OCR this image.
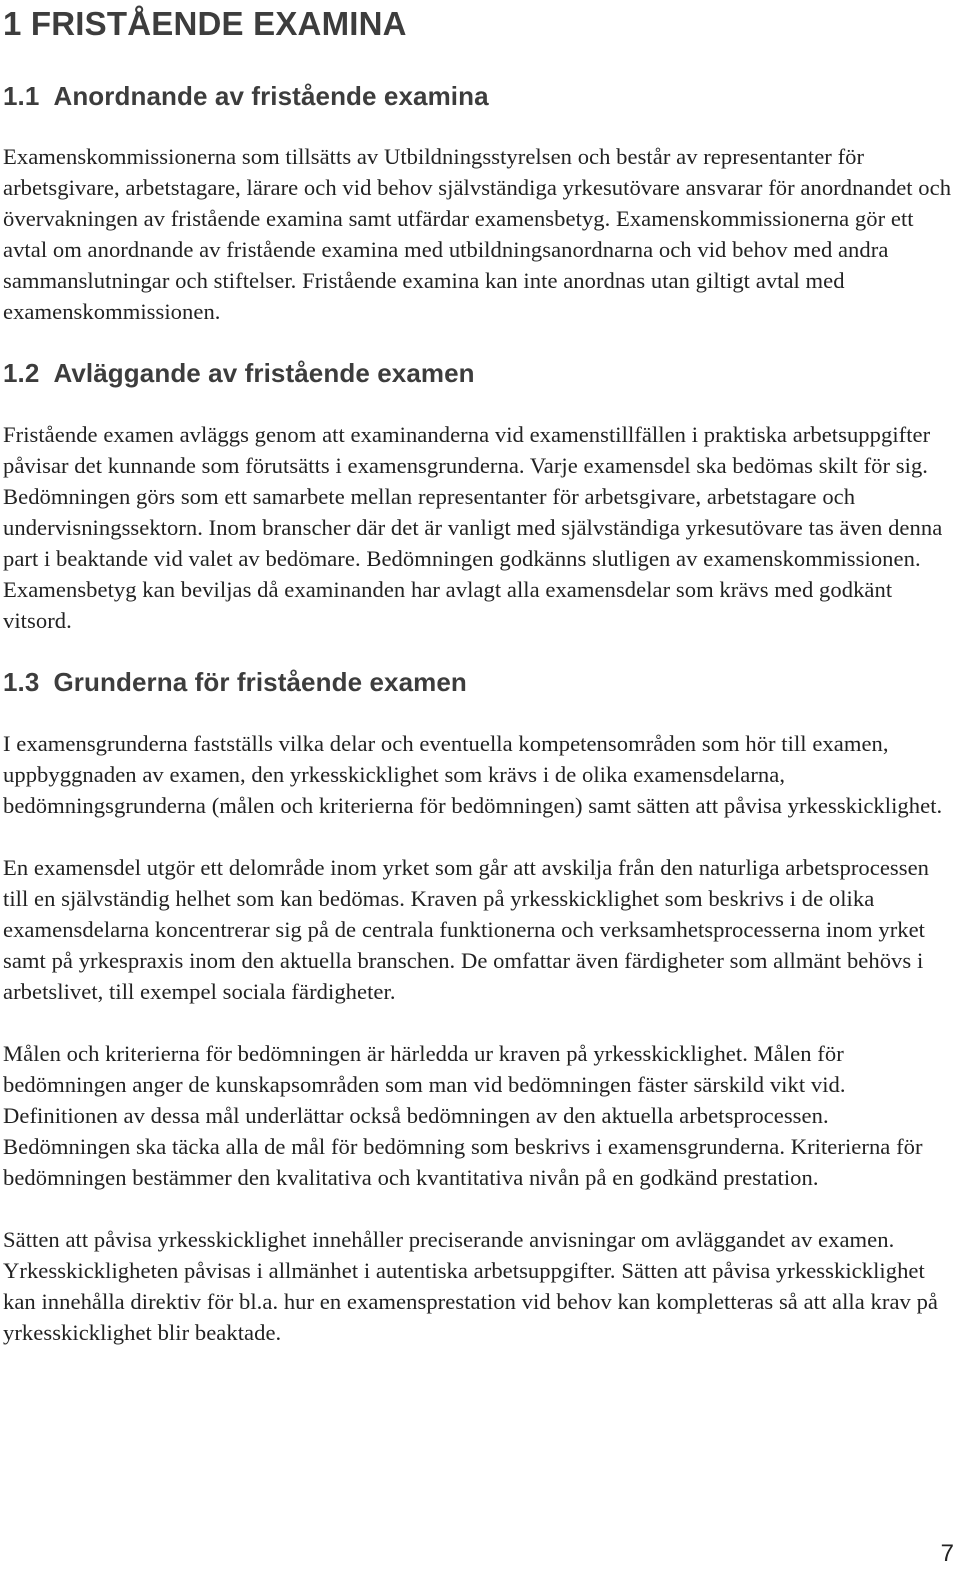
1 FRISTÅENDE EXAMINA
1.1 Anordnande av fristående examina

Examenskommissionerna som tillsätts av Utbildningsstyrelsen och består av representanter för arbetsgivare, arbetstagare, lärare och vid behov självständiga yrkesutövare ansvarar för anordnandet och övervakningen av fristående examina samt utfärdar examensbetyg. Examenskommissionerna gör ett avtal om anordnande av fristående examina med utbildningsanordnarna och vid behov med andra sammanslutningar och stiftelser. Fristående examina kan inte anordnas utan giltigt avtal med examenskommissionen.

1.2 Avläggande av fristående examen

Fristående examen avläggs genom att examinanderna vid examenstillfällen i praktiska arbetsuppgifter påvisar det kunnande som förutsätts i examensgrunderna. Varje examensdel ska bedömas skilt för sig. Bedömningen görs som ett samarbete mellan representanter för arbetsgivare, arbetstagare och undervisningssektorn. Inom branscher där det är vanligt med självständiga yrkesutövare tas även denna part i beaktande vid valet av bedömare. Bedömningen godkänns slutligen av examenskommissionen. Examensbetyg kan beviljas då examinanden har avlagt alla examensdelar som krävs med godkänt vitsord.

1.3 Grunderna för fristående examen

I examensgrunderna fastställs vilka delar och eventuella kompetensområden som hör till examen, uppbyggnaden av examen, den yrkesskicklighet som krävs i de olika examensdelarna, bedömningsgrunderna (målen och kriterierna för bedömningen) samt sätten att påvisa yrkesskicklighet.

En examensdel utgör ett delområde inom yrket som går att avskilja från den naturliga arbetsprocessen till en självständig helhet som kan bedömas. Kraven på yrkesskicklighet som beskrivs i de olika examensdelarna koncentrerar sig på de centrala funktionerna och verksamhetsprocesserna inom yrket samt på yrkespraxis inom den aktuella branschen. De omfattar även färdigheter som allmänt behövs i arbetslivet, till exempel sociala färdigheter.

Målen och kriterierna för bedömningen är härledda ur kraven på yrkesskicklighet. Målen för bedömningen anger de kunskapsområden som man vid bedömningen fäster särskild vikt vid. Definitionen av dessa mål underlättar också bedömningen av den aktuella arbetsprocessen. Bedömningen ska täcka alla de mål för bedömning som beskrivs i examensgrunderna. Kriterierna för bedömningen bestämmer den kvalitativa och kvantitativa nivån på en godkänd prestation.

Sätten att påvisa yrkesskicklighet innehåller preciserande anvisningar om avläggandet av examen. Yrkesskickligheten påvisas i allmänhet i autentiska arbetsuppgifter. Sätten att påvisa yrkesskicklighet kan innehålla direktiv för bl.a. hur en examensprestation vid behov kan kompletteras så att alla krav på yrkesskicklighet blir beaktade.

7
